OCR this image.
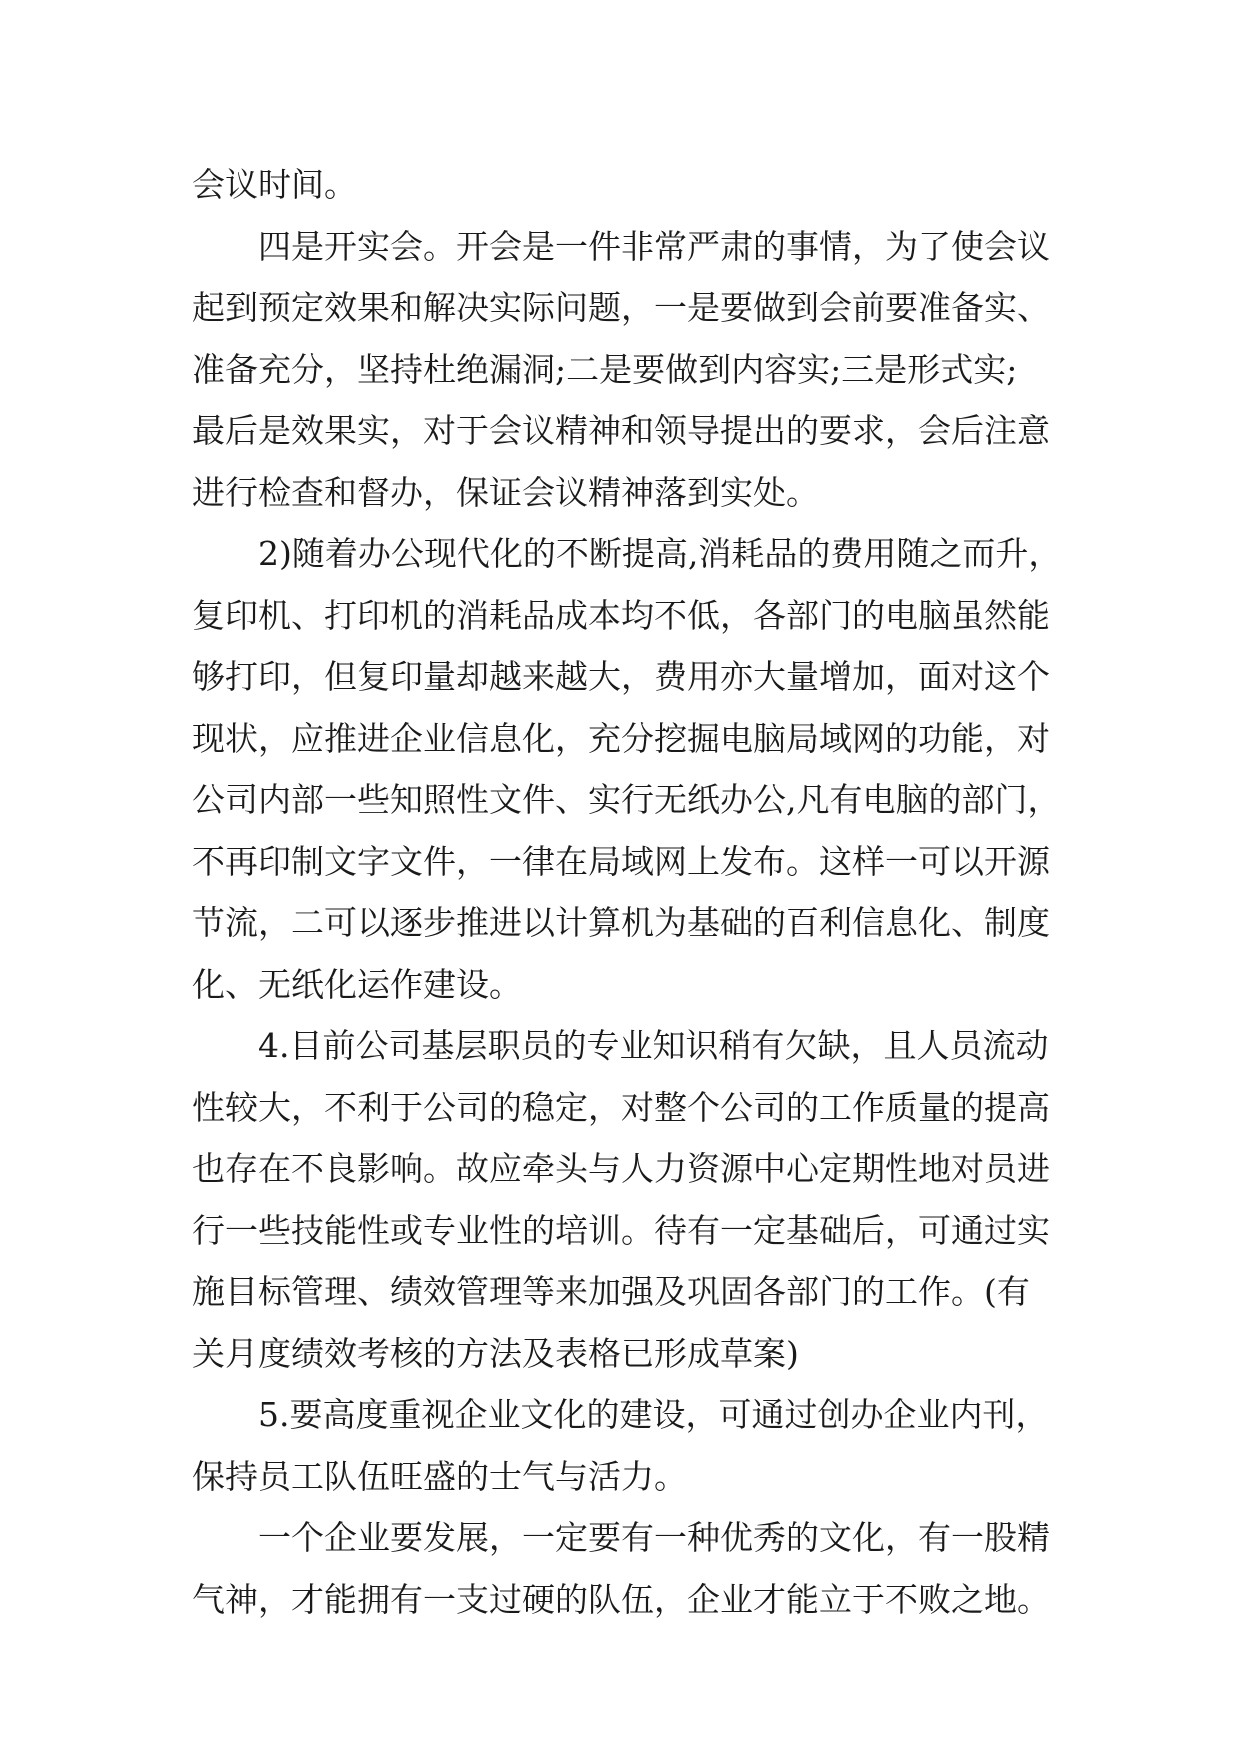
会议时间。
四是开实会。开会是一件非常严肃的事情，为了使会议
起到预定效果和解决实际问题，一是要做到会前要准备实、
准备充分，坚持杜绝漏洞;二是要做到内容实;三是形式实;
最后是效果实，对于会议精神和领导提出的要求，会后注意
进行检查和督办，保证会议精神落到实处。
2)随着办公现代化的不断提高,消耗品的费用随之而升，
复印机、打印机的消耗品成本均不低，各部门的电脑虽然能
够打印，但复印量却越来越大，费用亦大量增加，面对这个
现状，应推进企业信息化，充分挖掘电脑局域网的功能，对
公司内部一些知照性文件、实行无纸办公,凡有电脑的部门，
不再印制文字文件，一律在局域网上发布。这样一可以开源
节流，二可以逐步推进以计算机为基础的百利信息化、制度
化、无纸化运作建设。
4.目前公司基层职员的专业知识稍有欠缺，且人员流动
性较大，不利于公司的稳定，对整个公司的工作质量的提高
也存在不良影响。故应牵头与人力资源中心定期性地对员进
行一些技能性或专业性的培训。待有一定基础后，可通过实
施目标管理、绩效管理等来加强及巩固各部门的工作。(有
关月度绩效考核的方法及表格已形成草案)
5.要高度重视企业文化的建设，可通过创办企业内刊，
保持员工队伍旺盛的士气与活力。
一个企业要发展，一定要有一种优秀的文化，有一股精
气神，才能拥有一支过硬的队伍，企业才能立于不败之地。
